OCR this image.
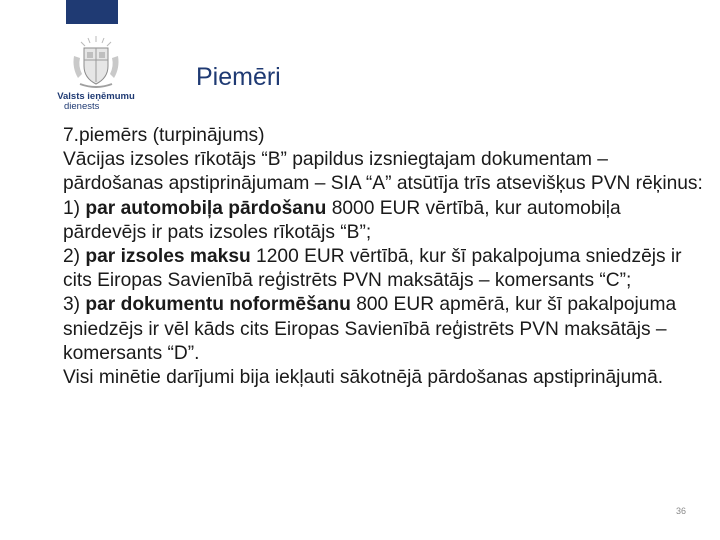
Valsts ieņēmumu
dienests
Piemēri

7.piemērs (turpinājums)

Vācijas izsoles rīkotājs “B” papildus izsniegtajam dokumentam – pārdošanas apstiprinājumam – SIA “A” atsūtīja trīs atsevišķus PVN rēķinus:

1) par automobiļa pārdošanu 8000 EUR vērtībā, kur automobiļa pārdevējs ir pats izsoles rīkotājs “B”;

2) par izsoles maksu 1200 EUR vērtībā, kur šī pakalpojuma sniedzējs ir cits Eiropas Savienībā reģistrēts PVN maksātājs – komersants “C”;

3) par dokumentu noformēšanu 800 EUR apmērā, kur šī pakalpojuma sniedzējs ir vēl kāds cits Eiropas Savienībā reģistrēts PVN maksātājs – komersants “D”.

Visi minētie darījumi bija iekļauti sākotnējā pārdošanas apstiprinājumā.

36
